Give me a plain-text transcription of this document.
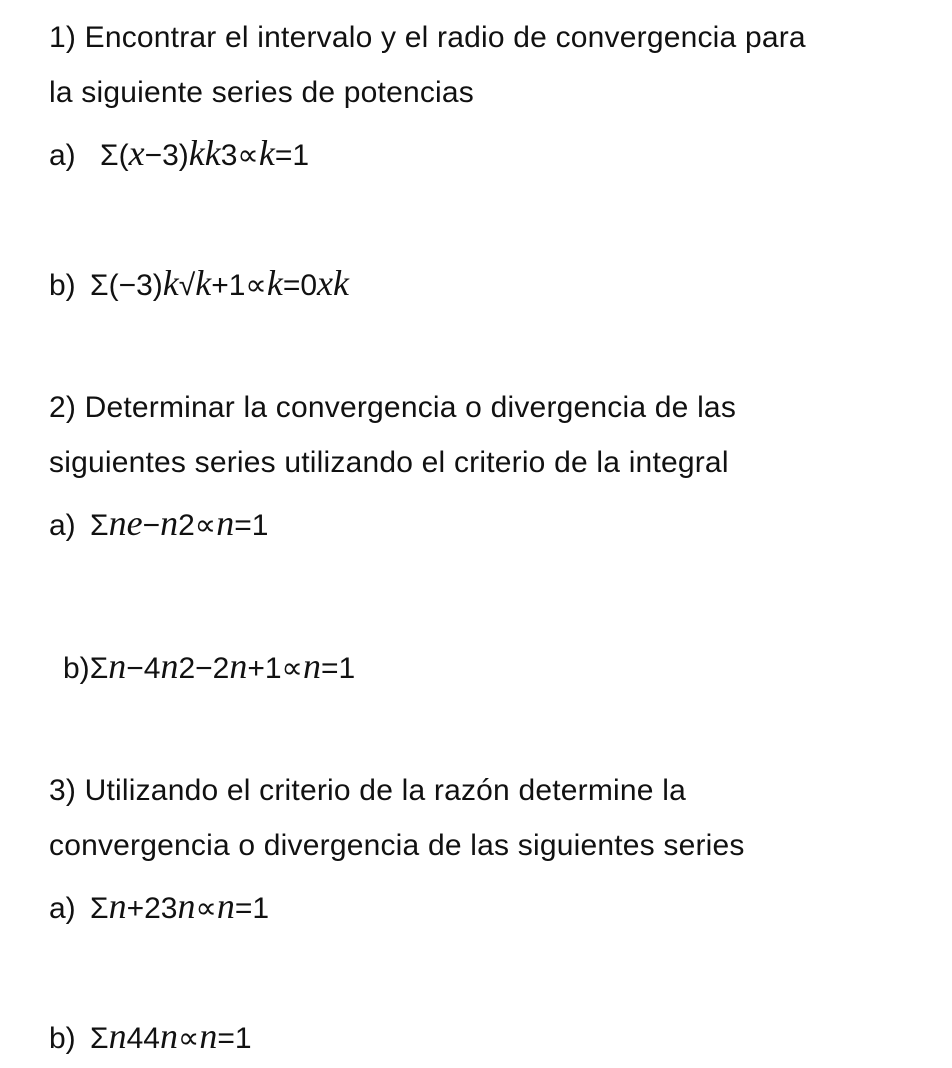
1) Encontrar el intervalo y el radio de convergencia para
la siguiente series de potencias
a) Σ(x−3)kk3∝k=1
b) Σ(−3)k√k+1∝k=0xk
2) Determinar la convergencia o divergencia de las
siguientes series utilizando el criterio de la integral
a) Σne−n2∝n=1
b)Σn−4n2−2n+1∝n=1
3) Utilizando el criterio de la razón determine la
convergencia o divergencia de las siguientes series
a) Σn+23n∝n=1
b) Σn44n∝n=1
